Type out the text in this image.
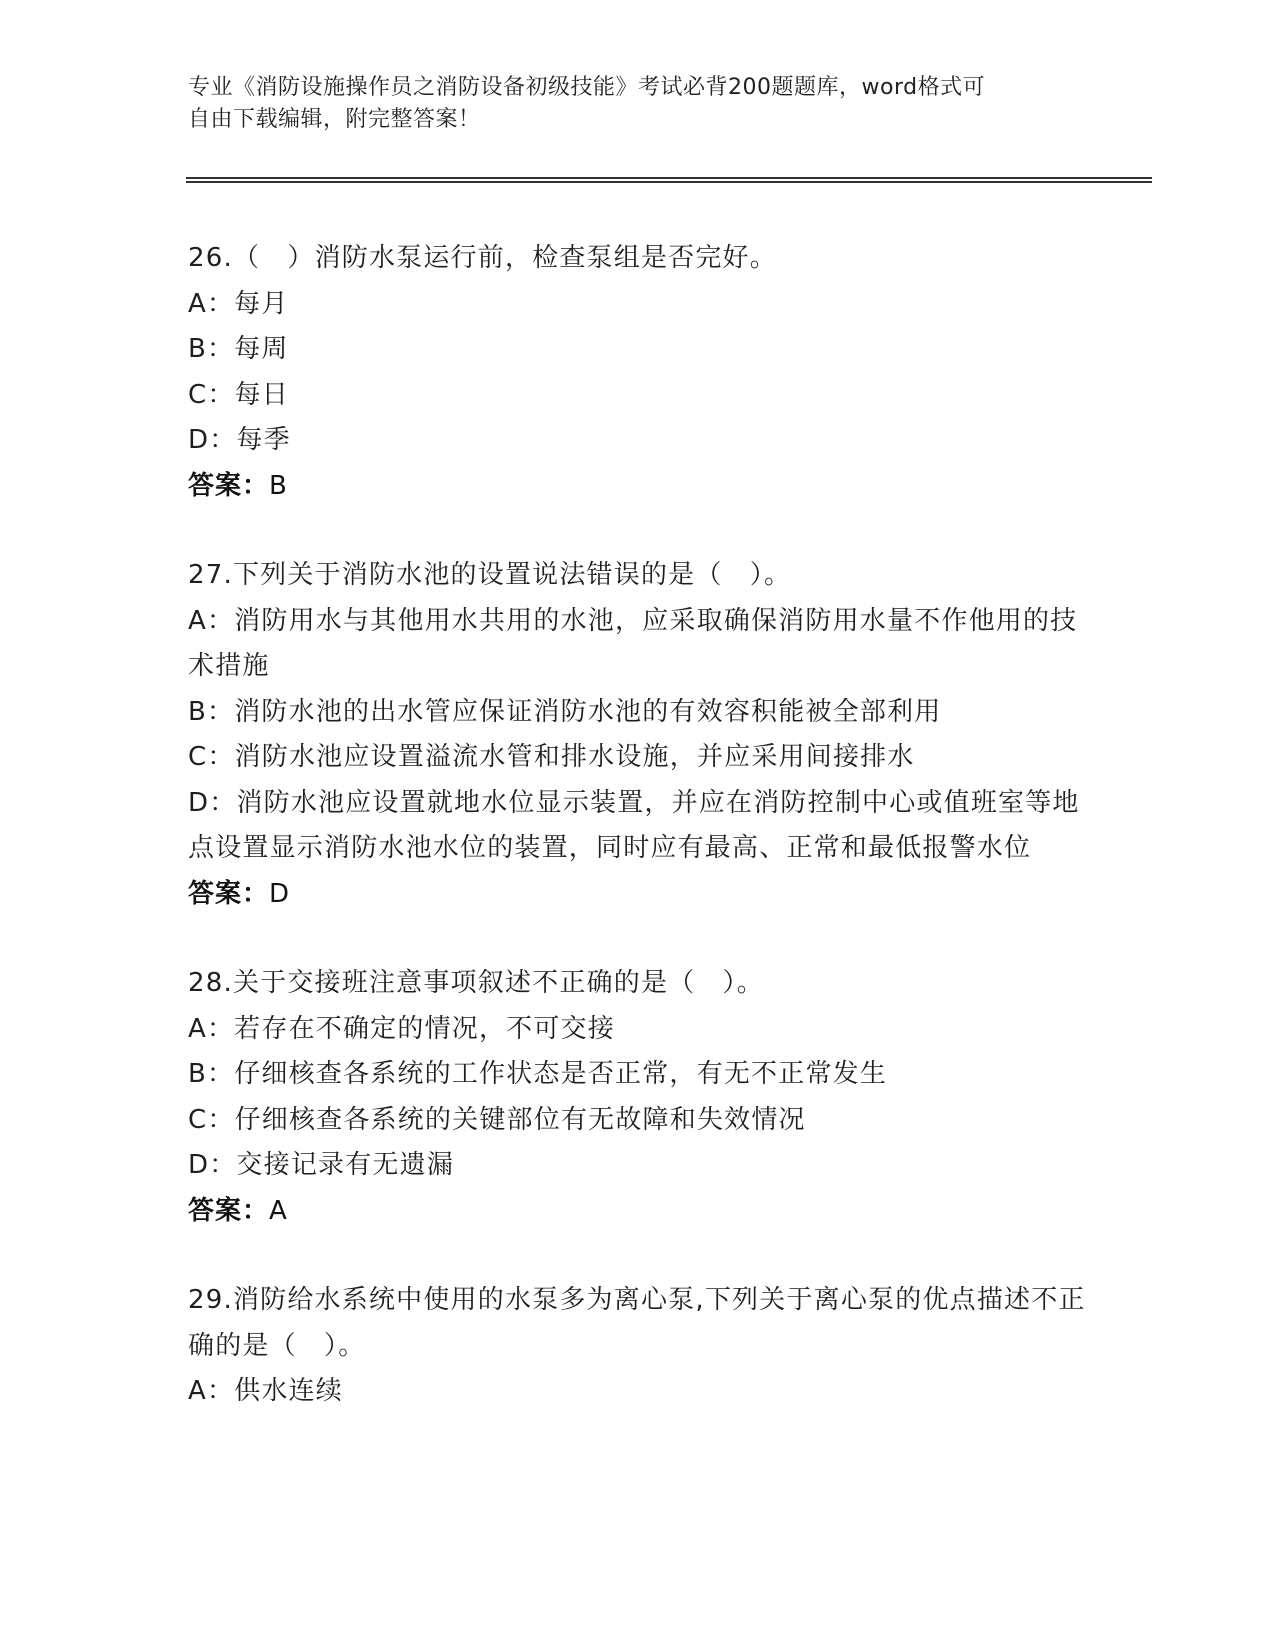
专业《消防设施操作员之消防设备初级技能》考试必背200题题库，word格式可
自由下载编辑，附完整答案！

26.（　）消防水泵运行前，检查泵组是否完好。

A：每月

B：每周

C：每日

D：每季

答案：B

27.下列关于消防水池的设置说法错误的是（　）。

A：消防用水与其他用水共用的水池，应采取确保消防用水量不作他用的技术措施

B：消防水池的出水管应保证消防水池的有效容积能被全部利用

C：消防水池应设置溢流水管和排水设施，并应采用间接排水

D：消防水池应设置就地水位显示装置，并应在消防控制中心或值班室等地点设置显示消防水池水位的装置，同时应有最高、正常和最低报警水位

答案：D

28.关于交接班注意事项叙述不正确的是（　）。

A：若存在不确定的情况，不可交接

B：仔细核查各系统的工作状态是否正常，有无不正常发生

C：仔细核查各系统的关键部位有无故障和失效情况

D：交接记录有无遗漏

答案：A

29.消防给水系统中使用的水泵多为离心泵,下列关于离心泵的优点描述不正确的是（　）。

A：供水连续
